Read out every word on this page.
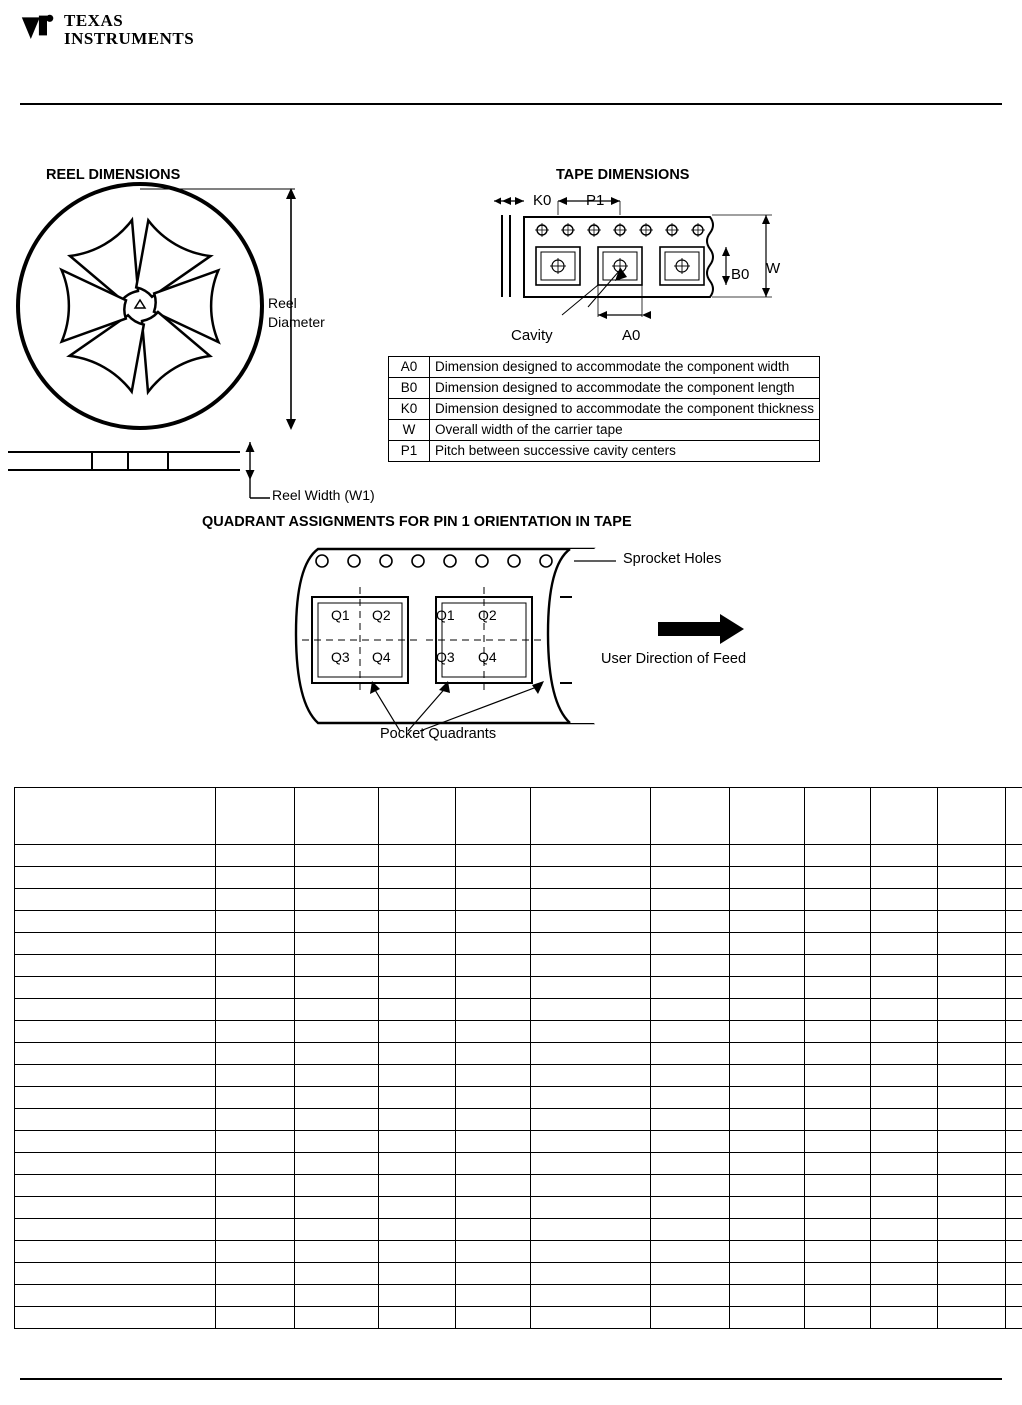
TEXAS
INSTRUMENTS
REEL DIMENSIONS	TAPE DIMENSIONS
QUADRANT ASSIGNMENTS FOR PIN 1 ORIENTATION IN TAPE
Reel
Diameter
Reel Width (W1)
K0 P1
B0 W
A0
Cavity
A0	Dimension designed to accommodate the component width
B0	Dimension designed to accommodate the component length
K0	Dimension designed to accommodate the component thickness
W	Overall width of the carrier tape
P1	Pitch between successive cavity centers
Sprocket Holes
User Direction of Feed
Pocket Quadrants
Q1 Q2
Q3 Q4
Q1 Q2
Q3 Q4
